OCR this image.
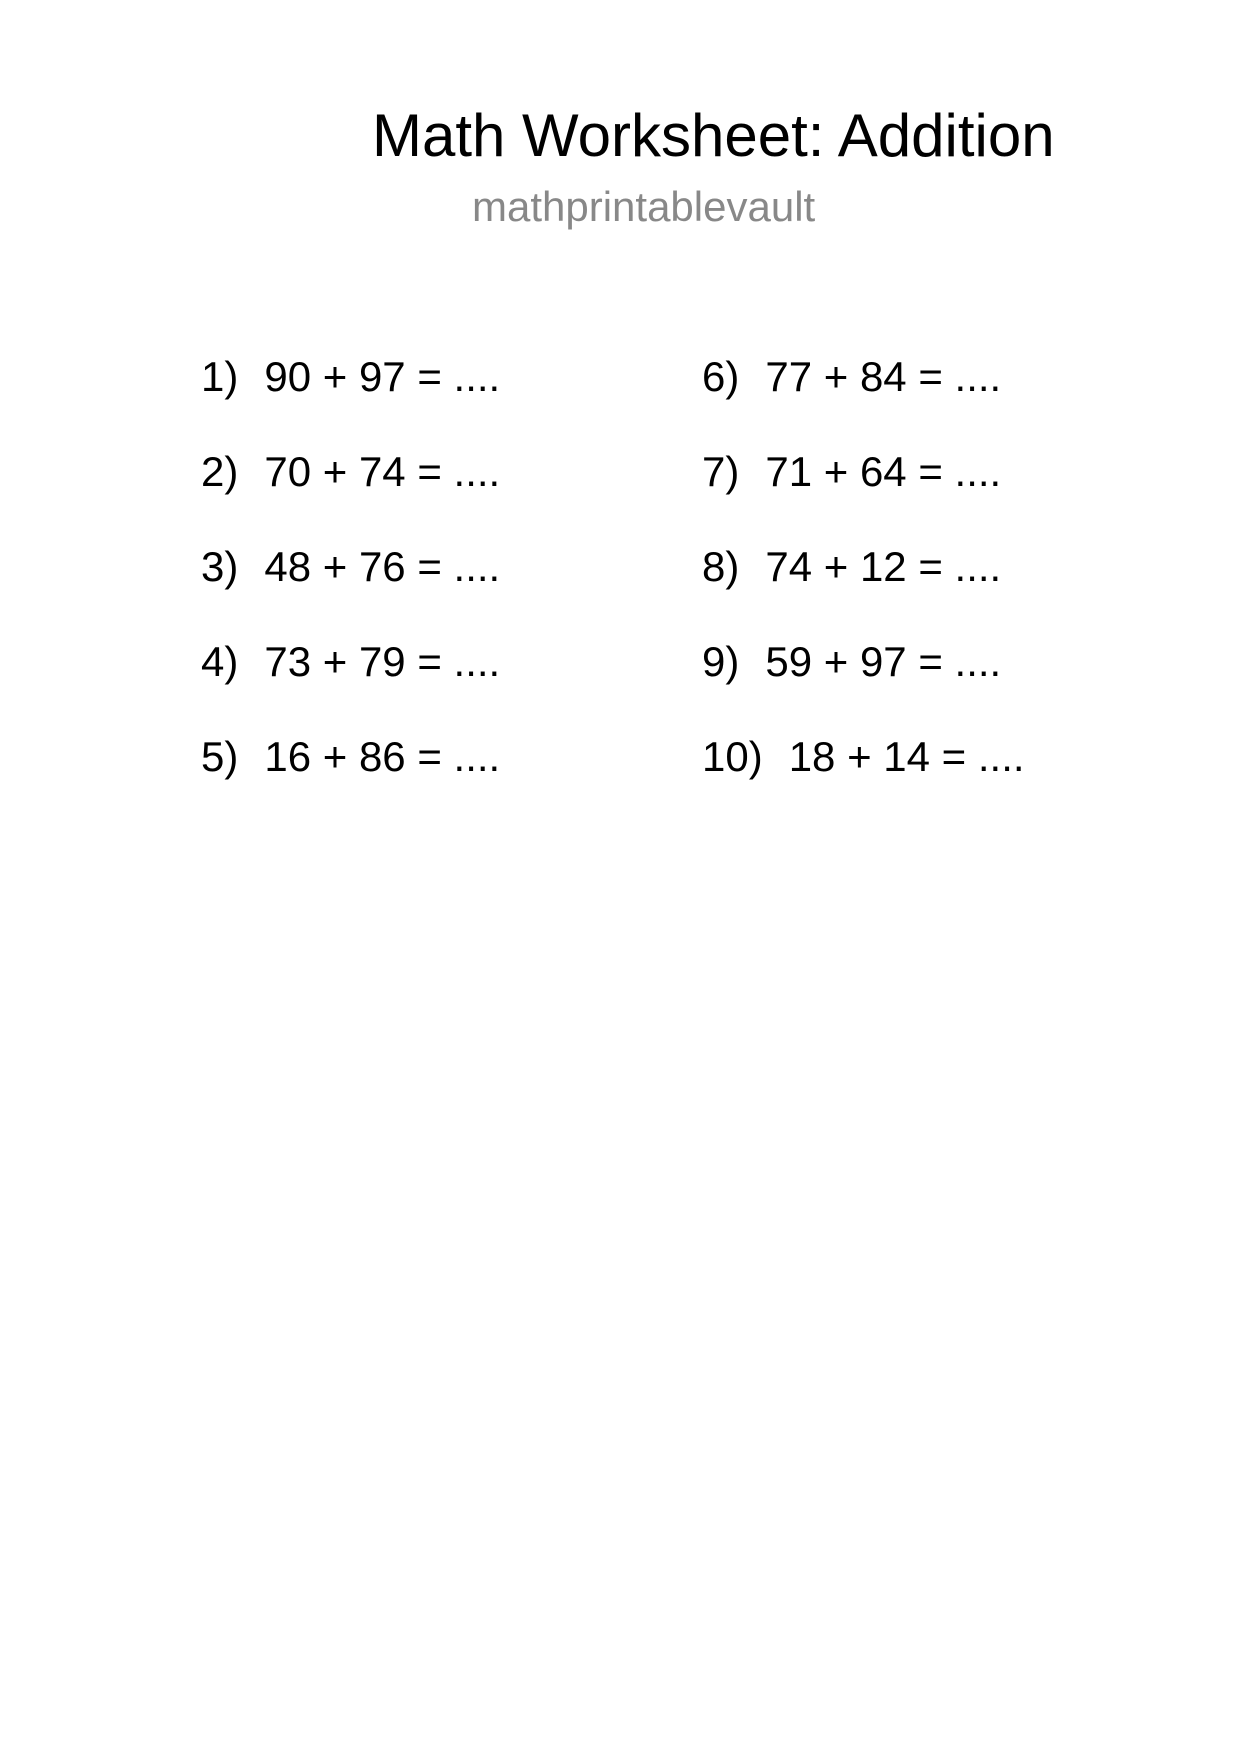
Math Worksheet: Addition
mathprintablevault
1) 90 + 97 = ....
2) 70 + 74 = ....
3) 48 + 76 = ....
4) 73 + 79 = ....
5) 16 + 86 = ....
6) 77 + 84 = ....
7) 71 + 64 = ....
8) 74 + 12 = ....
9) 59 + 97 = ....
10) 18 + 14 = ....
